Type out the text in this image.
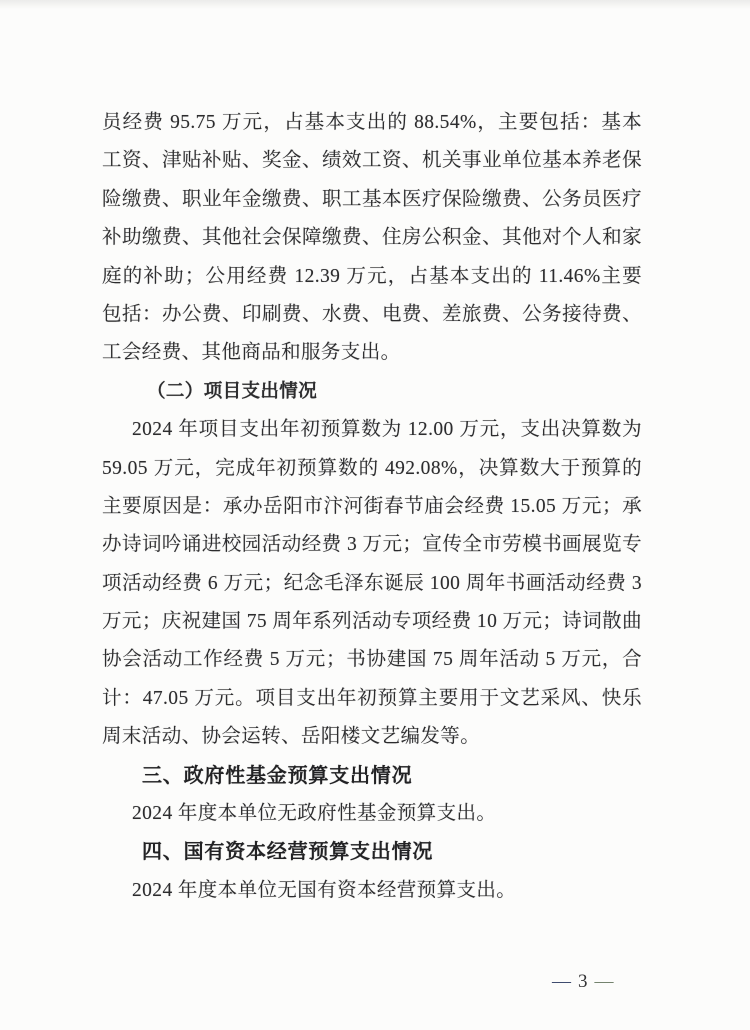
员经费 95.75 万元，占基本支出的 88.54%，主要包括：基本
工资、津贴补贴、奖金、绩效工资、机关事业单位基本养老保
险缴费、职业年金缴费、职工基本医疗保险缴费、公务员医疗
补助缴费、其他社会保障缴费、住房公积金、其他对个人和家
庭的补助；公用经费 12.39 万元，占基本支出的 11.46%主要
包括：办公费、印刷费、水费、电费、差旅费、公务接待费、
工会经费、其他商品和服务支出。
（二）项目支出情况
2024 年项目支出年初预算数为 12.00 万元，支出决算数为
59.05 万元，完成年初预算数的 492.08%，决算数大于预算的
主要原因是：承办岳阳市汴河街春节庙会经费 15.05 万元；承
办诗词吟诵进校园活动经费 3 万元；宣传全市劳模书画展览专
项活动经费 6 万元；纪念毛泽东诞辰 100 周年书画活动经费 3
万元；庆祝建国 75 周年系列活动专项经费 10 万元；诗词散曲
协会活动工作经费 5 万元；书协建国 75 周年活动 5 万元，合
计：47.05 万元。项目支出年初预算主要用于文艺采风、快乐
周末活动、协会运转、岳阳楼文艺编发等。
三、政府性基金预算支出情况
2024 年度本单位无政府性基金预算支出。
四、国有资本经营预算支出情况
2024 年度本单位无国有资本经营预算支出。
— 3 —
